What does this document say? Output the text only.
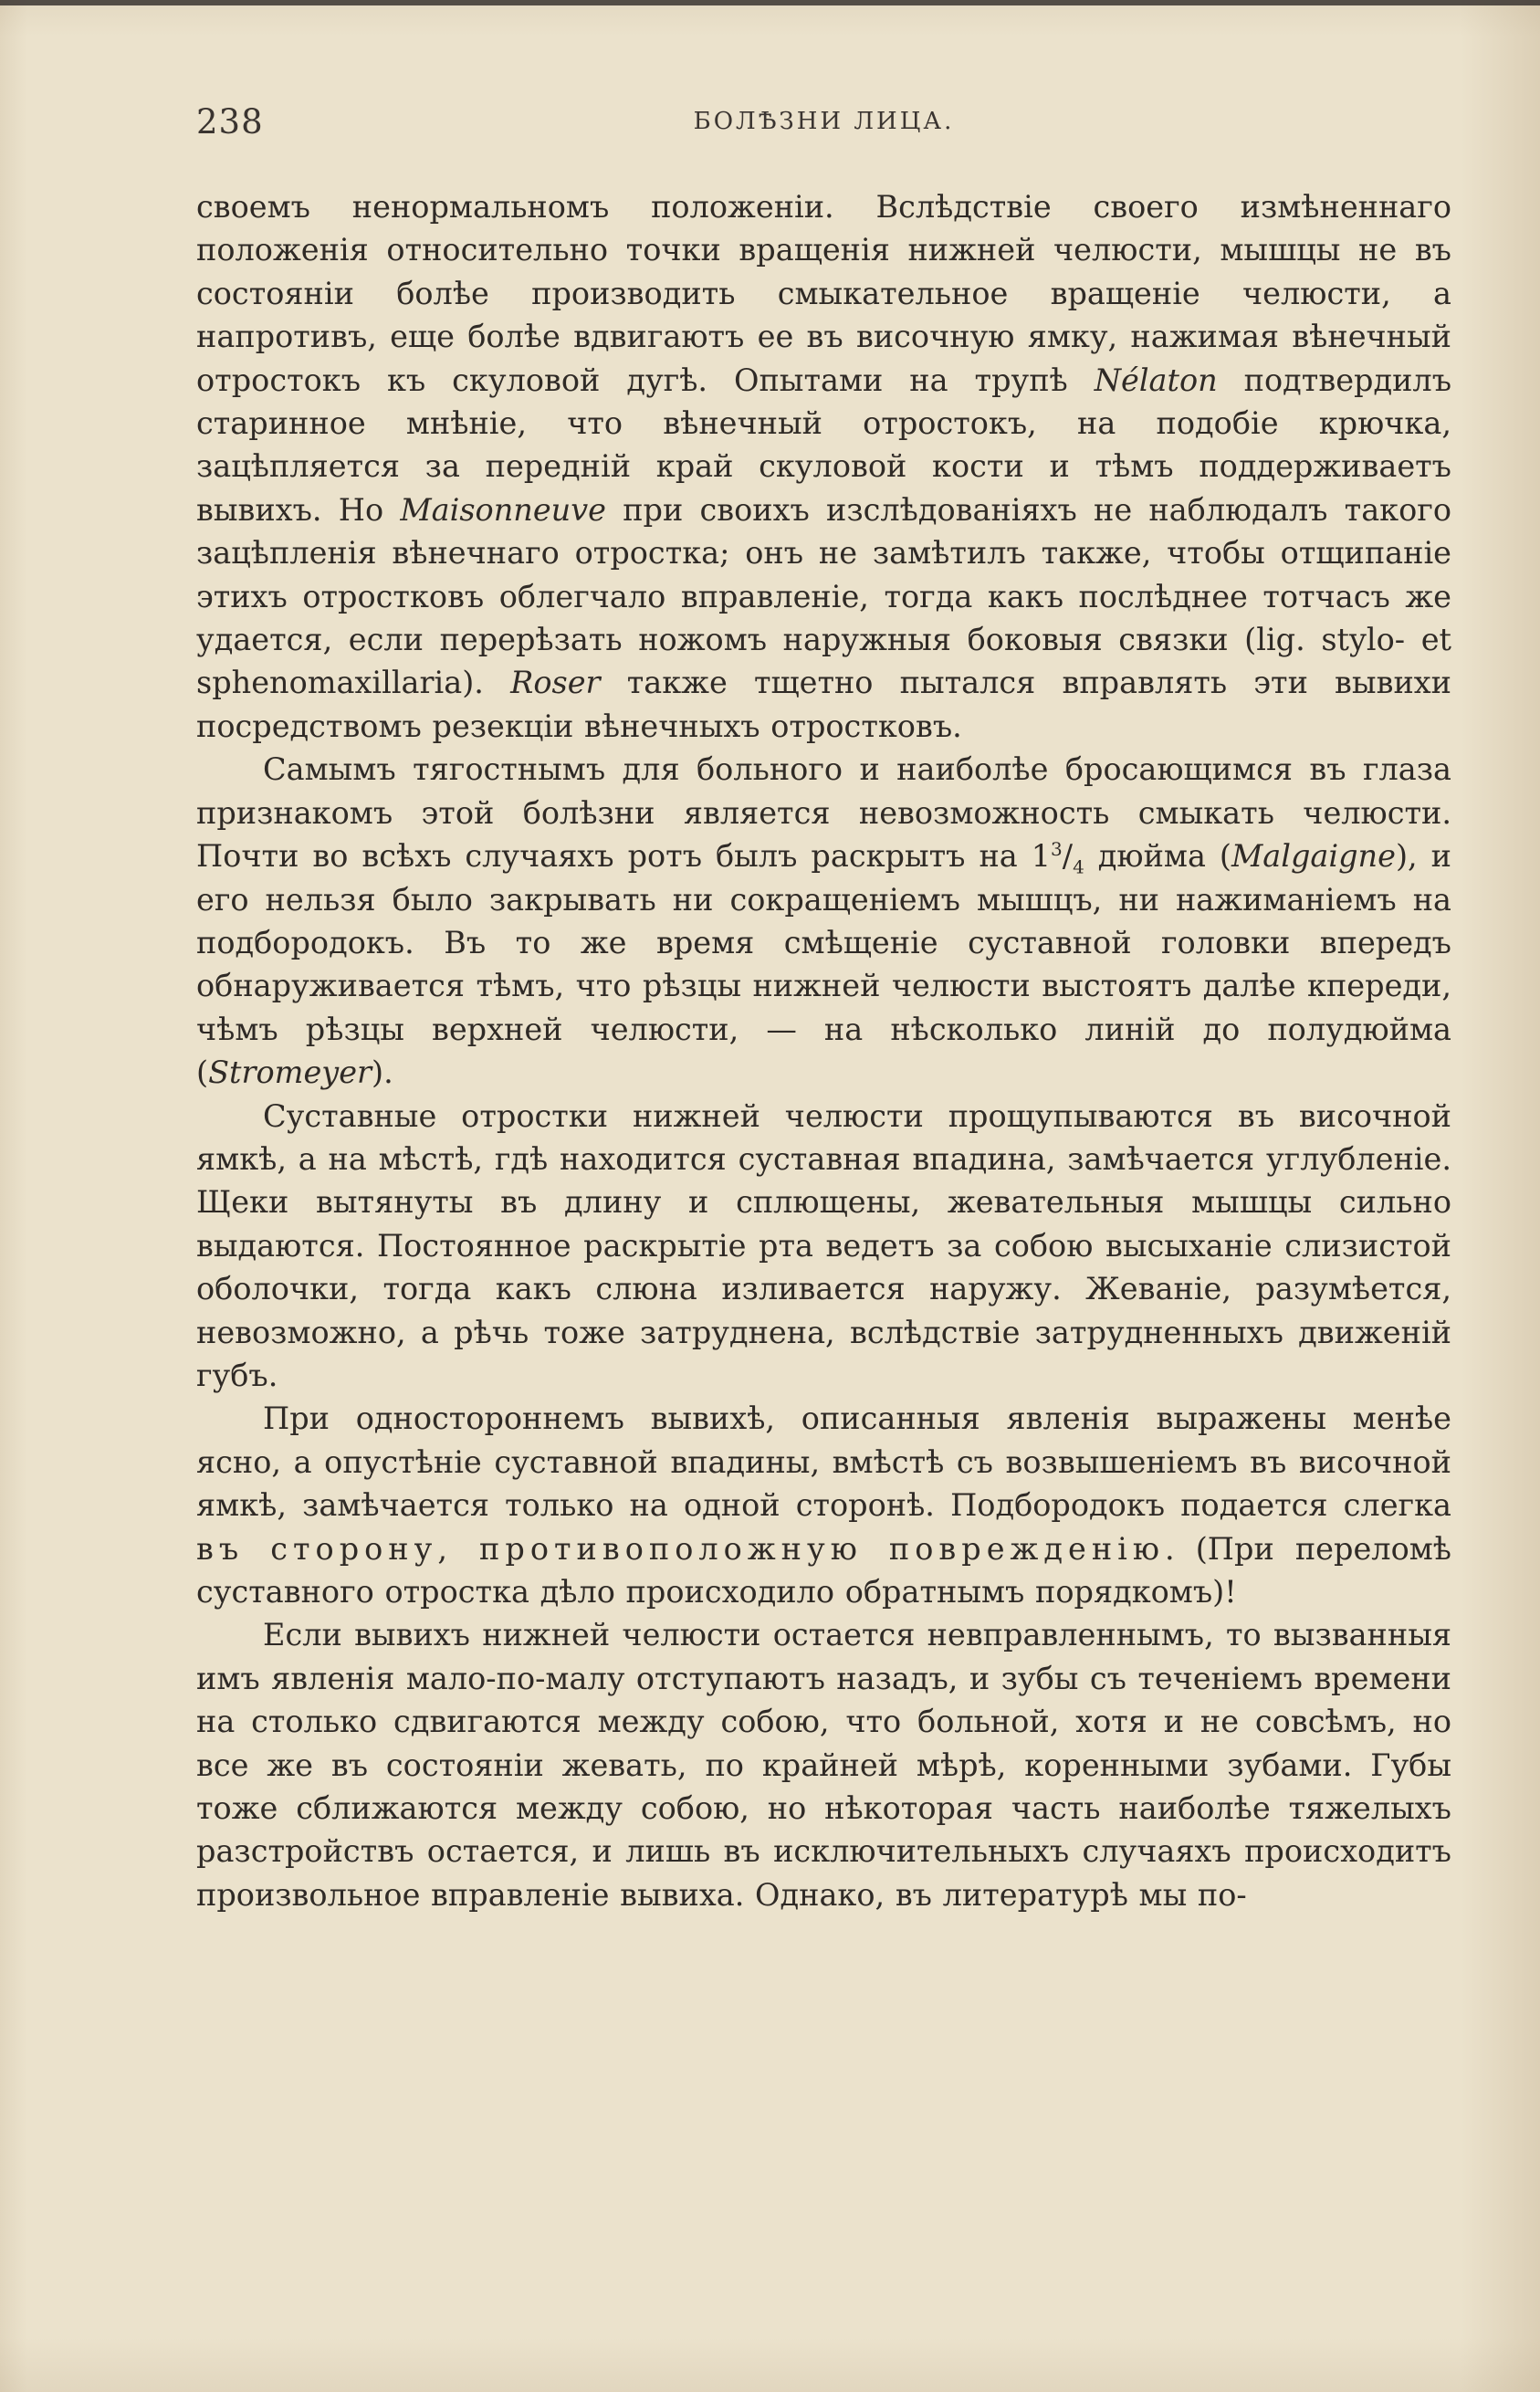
238	БОЛѢЗНИ ЛИЦА.

своемъ ненормальномъ положеніи. Вслѣдствіе своего измѣненнаго положенія относительно точки вращенія нижней челюсти, мышцы не въ состояніи болѣе производить смыкательное вращеніе челюсти, а напротивъ, еще болѣе вдвигаютъ ее въ височную ямку, нажимая вѣнечный отростокъ къ скуловой дугѣ. Опытами на трупѣ Nélaton подтвердилъ старинное мнѣніе, что вѣнечный отростокъ, на подобіе крючка, зацѣпляется за передній край скуловой кости и тѣмъ поддерживаетъ вывихъ. Но Maisonneuve при своихъ изслѣдованіяхъ не наблюдалъ такого зацѣпленія вѣнечнаго отростка; онъ не замѣтилъ также, чтобы отщипаніе этихъ отростковъ облегчало вправленіе, тогда какъ послѣднее тотчасъ же удается, если перерѣзать ножомъ наружныя боковыя связки (lig. stylo- et sphenomaxillaria). Roser также тщетно пытался вправлять эти вывихи посредствомъ резекціи вѣнечныхъ отростковъ.

Самымъ тягостнымъ для больного и наиболѣе бросающимся въ глаза признакомъ этой болѣзни является невозможность смыкать челюсти. Почти во всѣхъ случаяхъ ротъ былъ раскрытъ на $1^3/_4$ дюйма (Malgaigne), и его нельзя было закрывать ни сокращеніемъ мышцъ, ни нажиманіемъ на подбородокъ. Въ то же время смѣщеніе суставной головки впередъ обнаруживается тѣмъ, что рѣзцы нижней челюсти выстоятъ далѣе кпереди, чѣмъ рѣзцы верхней челюсти, — на нѣсколько линій до полудюйма (Stromeyer).

Суставные отростки нижней челюсти прощупываются въ височной ямкѣ, а на мѣстѣ, гдѣ находится суставная впадина, замѣчается углубленіе. Щеки вытянуты въ длину и сплющены, жевательныя мышцы сильно выдаются. Постоянное раскрытіе рта ведетъ за собою высыханіе слизистой оболочки, тогда какъ слюна изливается наружу. Жеваніе, разумѣется, невозможно, а рѣчь тоже затруднена, вслѣдствіе затрудненныхъ движеній губъ.

При одностороннемъ вывихѣ, описанныя явленія выражены менѣе ясно, а опустѣніе суставной впадины, вмѣстѣ съ возвышеніемъ въ височной ямкѣ, замѣчается только на одной сторонѣ. Подбородокъ подается слегка въ сторону, противоположную поврежденію. (При переломѣ суставного отростка дѣло происходило обратнымъ порядкомъ)!

Если вывихъ нижней челюсти остается невправленнымъ, то вызванныя имъ явленія мало-по-малу отступаютъ назадъ, и зубы съ теченіемъ времени на столько сдвигаются между собою, что больной, хотя и не совсѣмъ, но все же въ состояніи жевать, по крайней мѣрѣ, коренными зубами. Губы тоже сближаются между собою, но нѣкоторая часть наиболѣе тяжелыхъ разстройствъ остается, и лишь въ исключительныхъ случаяхъ происходитъ произвольное вправленіе вывиха. Однако, въ литературѣ мы по-
